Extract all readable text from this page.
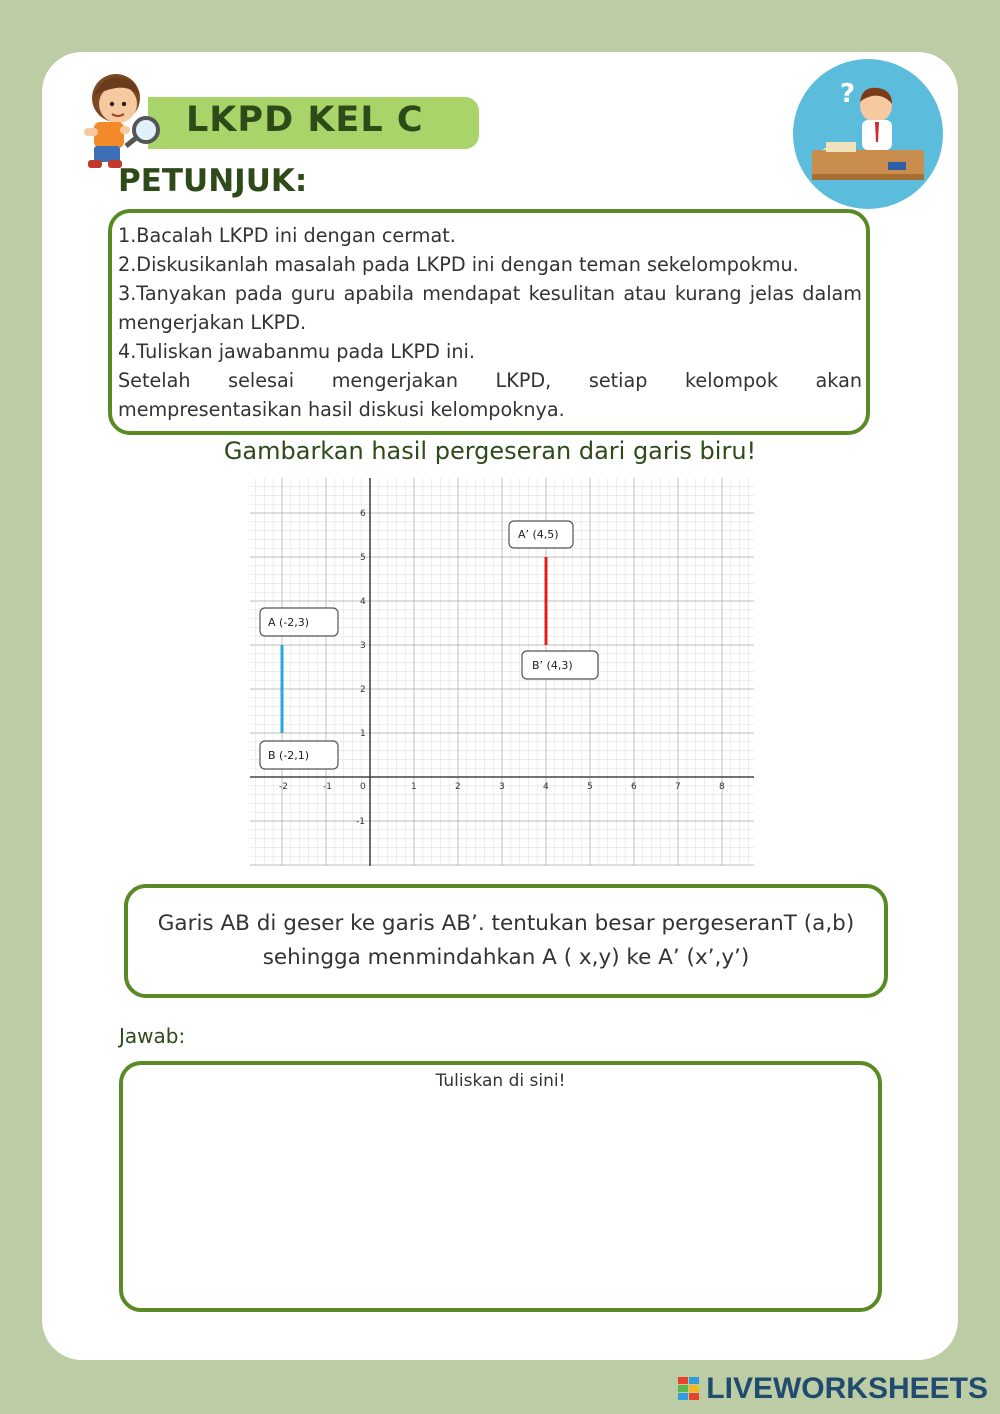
LKPD KEL C
?
PETUNJUK:
1.Bacalah LKPD ini dengan cermat.
2.Diskusikanlah masalah pada LKPD ini dengan teman sekelompokmu.
3.Tanyakan pada guru apabila mendapat kesulitan atau kurang jelas dalam mengerjakan LKPD.
4.Tuliskan jawabanmu pada LKPD ini.
Setelah selesai mengerjakan LKPD, setiap kelompok akan mempresentasikan hasil diskusi kelompoknya.
Gambarkan hasil pergeseran dari garis biru!
-2	-1	0	1	2	3	4	5	6	7	8
-1
1
2
3
4
5
6
A (-2,3)
B (-2,1)
A’ (4,5)
B’ (4,3)
Garis AB di geser ke garis AB’. tentukan besar pergeseranT (a,b)
sehingga menmindahkan A ( x,y) ke A’ (x’,y’)
Jawab:
Tuliskan di sini!
LIVEWORKSHEETS
